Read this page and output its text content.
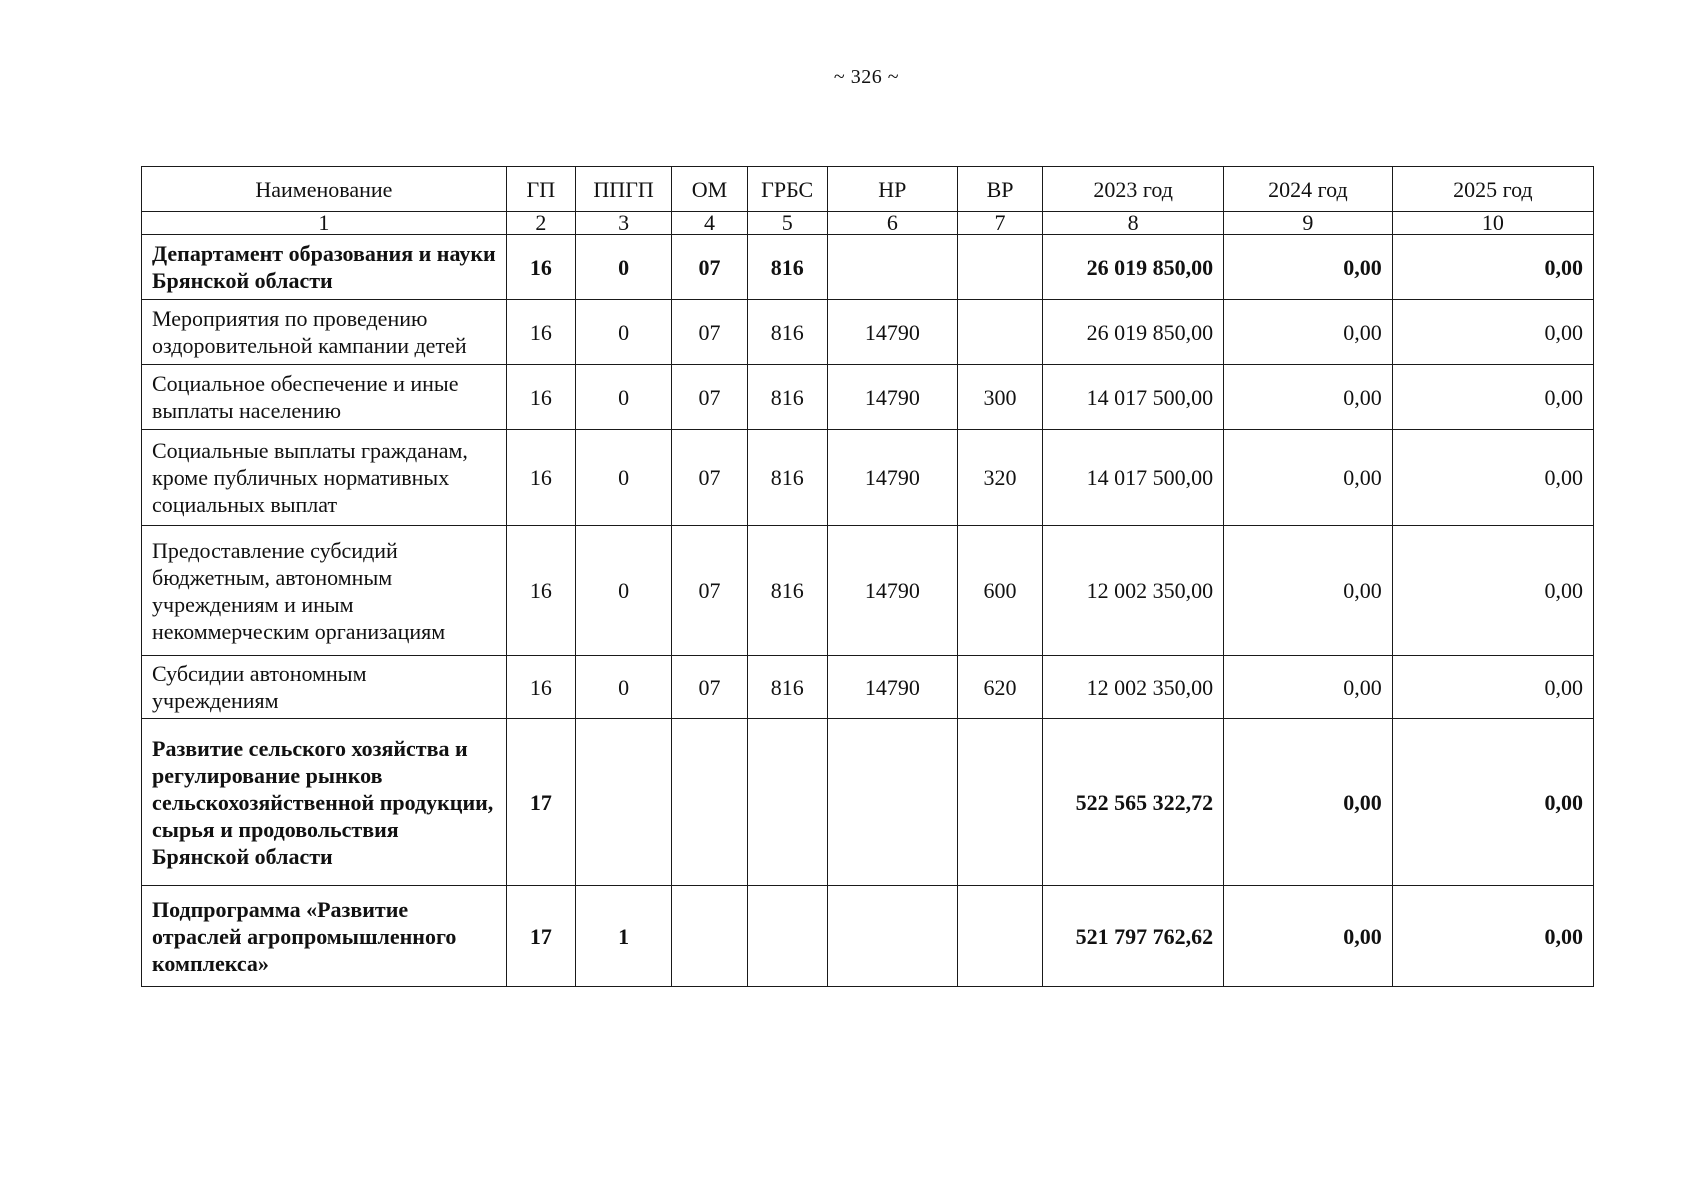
~ 326 ~
Наименование	ГП	ППГП	ОМ	ГРБС	НР	ВР	2023 год	2024 год	2025 год
1	2	3	4	5	6	7	8	9	10
Департамент образования и науки Брянской области	16	0	07	816			26 019 850,00	0,00	0,00
Мероприятия по проведению оздоровительной кампании детей	16	0	07	816	14790		26 019 850,00	0,00	0,00
Социальное обеспечение и иные выплаты населению	16	0	07	816	14790	300	14 017 500,00	0,00	0,00
Социальные выплаты гражданам, кроме публичных нормативных социальных выплат	16	0	07	816	14790	320	14 017 500,00	0,00	0,00
Предоставление субсидий бюджетным, автономным учреждениям и иным некоммерческим организациям	16	0	07	816	14790	600	12 002 350,00	0,00	0,00
Субсидии автономным учреждениям	16	0	07	816	14790	620	12 002 350,00	0,00	0,00
Развитие сельского хозяйства и регулирование рынков сельскохозяйственной продукции, сырья и продовольствия Брянской области	17						522 565 322,72	0,00	0,00
Подпрограмма «Развитие отраслей агропромышленного комплекса»	17	1					521 797 762,62	0,00	0,00
